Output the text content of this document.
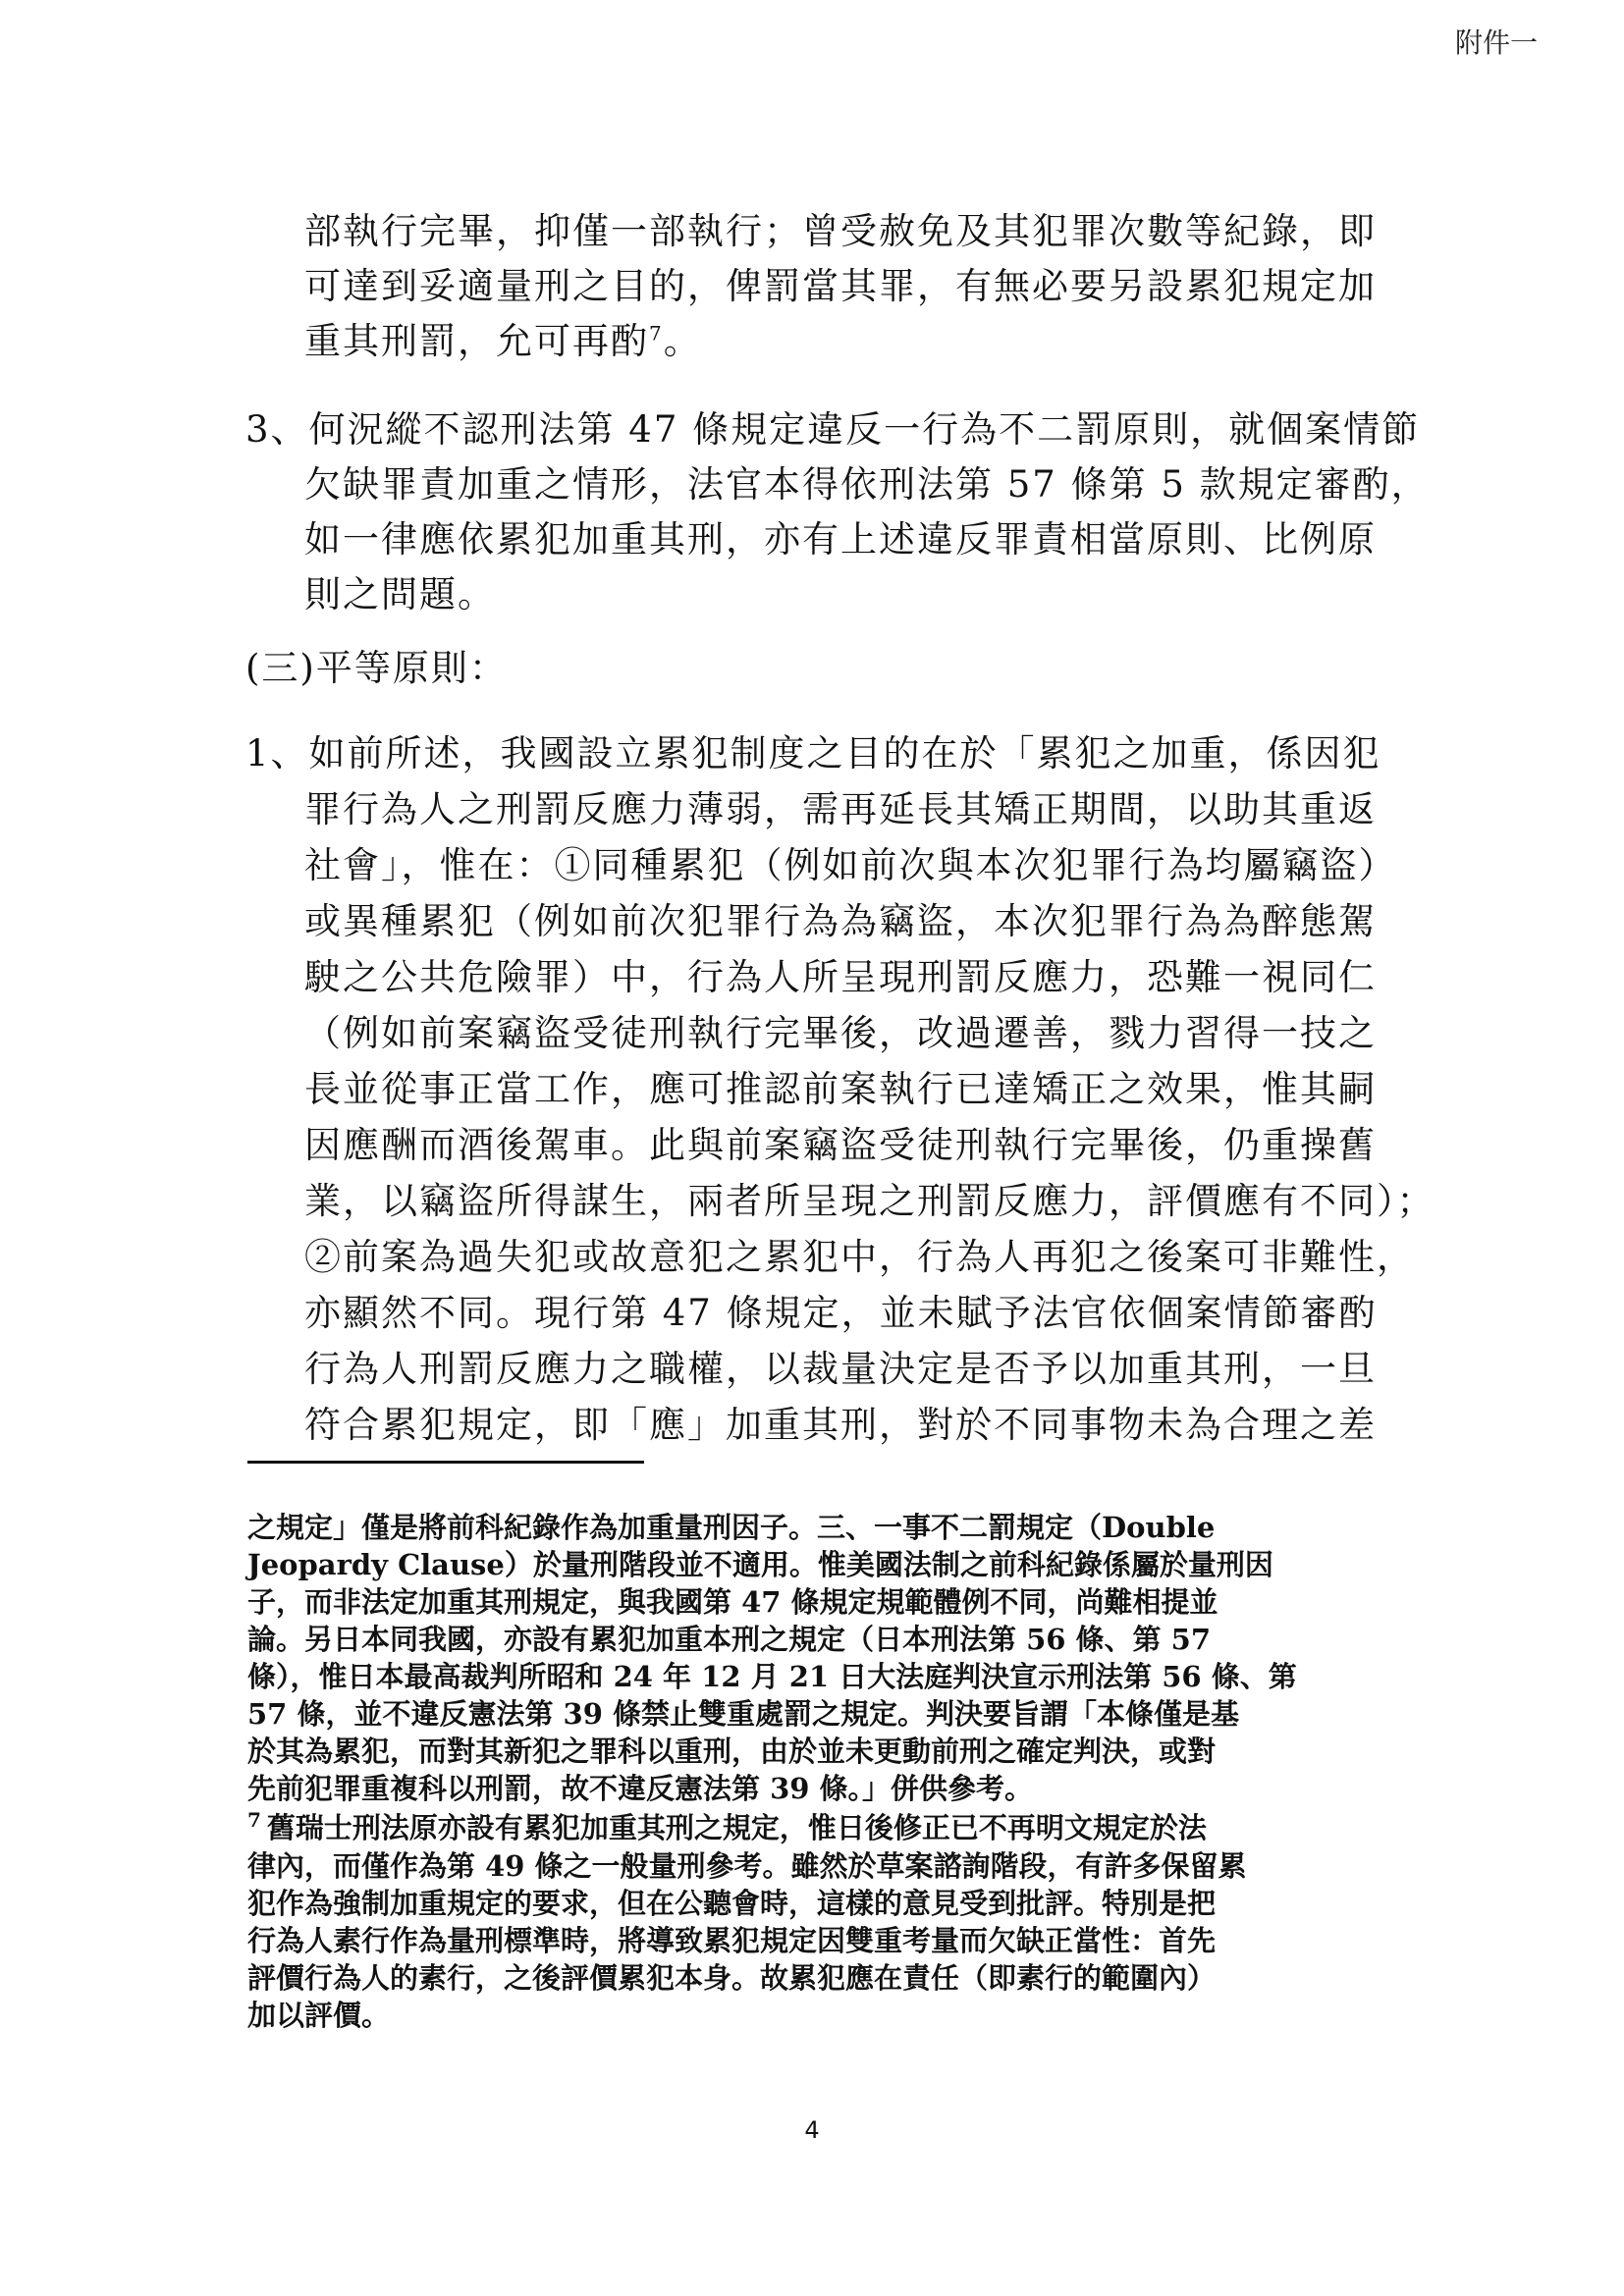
附件一
部執行完畢，抑僅一部執行；曾受赦免及其犯罪次數等紀錄，即
可達到妥適量刑之目的，俾罰當其罪，有無必要另設累犯規定加
重其刑罰，允可再酌$^7$。
3、何況縱不認刑法第 47 條規定違反一行為不二罰原則，就個案情節
欠缺罪責加重之情形，法官本得依刑法第 57 條第 5 款規定審酌，
如一律應依累犯加重其刑，亦有上述違反罪責相當原則、比例原
則之問題。
(三)平等原則：
1、如前所述，我國設立累犯制度之目的在於「累犯之加重，係因犯
罪行為人之刑罰反應力薄弱，需再延長其矯正期間，以助其重返
社會」，惟在：①同種累犯（例如前次與本次犯罪行為均屬竊盜）
或異種累犯（例如前次犯罪行為為竊盜，本次犯罪行為為醉態駕
駛之公共危險罪）中，行為人所呈現刑罰反應力，恐難一視同仁
（例如前案竊盜受徒刑執行完畢後，改過遷善，戮力習得一技之
長並從事正當工作，應可推認前案執行已達矯正之效果，惟其嗣
因應酬而酒後駕車。此與前案竊盜受徒刑執行完畢後，仍重操舊
業，以竊盜所得謀生，兩者所呈現之刑罰反應力，評價應有不同）；
②前案為過失犯或故意犯之累犯中，行為人再犯之後案可非難性，
亦顯然不同。現行第 47 條規定，並未賦予法官依個案情節審酌
行為人刑罰反應力之職權，以裁量決定是否予以加重其刑，一旦
符合累犯規定，即「應」加重其刑，對於不同事物未為合理之差
之規定」僅是將前科紀錄作為加重量刑因子。三、一事不二罰規定（Double
Jeopardy Clause）於量刑階段並不適用。惟美國法制之前科紀錄係屬於量刑因
子，而非法定加重其刑規定，與我國第 47 條規定規範體例不同，尚難相提並
論。另日本同我國，亦設有累犯加重本刑之規定（日本刑法第 56 條、第 57
條），惟日本最高裁判所昭和 24 年 12 月 21 日大法庭判決宣示刑法第 56 條、第
57 條，並不違反憲法第 39 條禁止雙重處罰之規定。判決要旨謂「本條僅是基
於其為累犯，而對其新犯之罪科以重刑，由於並未更動前刑之確定判決，或對
先前犯罪重複科以刑罰，故不違反憲法第 39 條。」併供參考。
$^7$ 舊瑞士刑法原亦設有累犯加重其刑之規定，惟日後修正已不再明文規定於法
律內，而僅作為第 49 條之一般量刑參考。雖然於草案諮詢階段，有許多保留累
犯作為強制加重規定的要求，但在公聽會時，這樣的意見受到批評。特別是把
行為人素行作為量刑標準時，將導致累犯規定因雙重考量而欠缺正當性：首先
評價行為人的素行，之後評價累犯本身。故累犯應在責任（即素行的範圍內）
加以評價。
4
